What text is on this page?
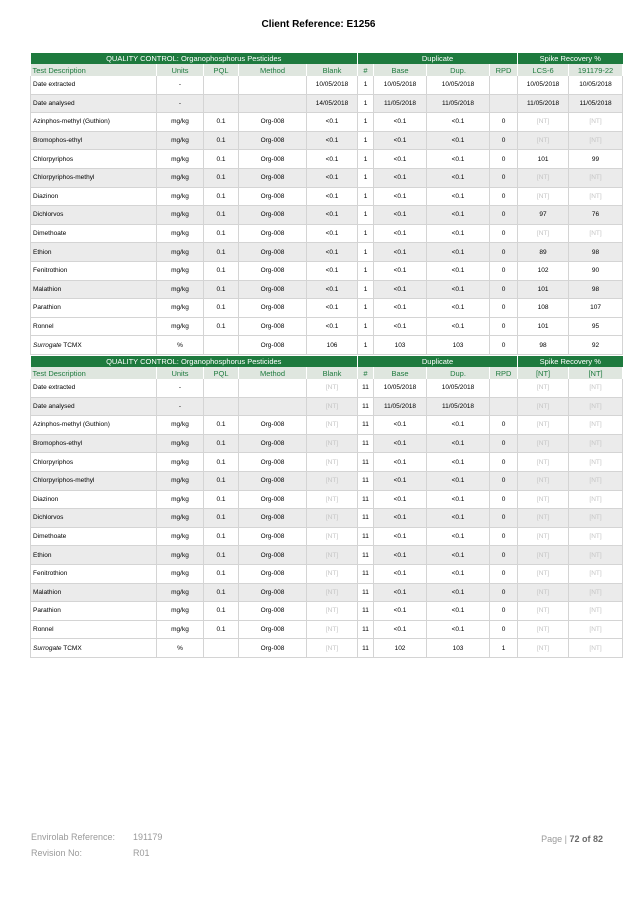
Client Reference: E1256
QUALITY CONTROL: Organophosphorus Pesticides					Duplicate				Spike Recovery %	
Test Description	Units	PQL	Method	Blank	#	Base	Dup.	RPD	LCS-6	191179-22
Date extracted	-			10/05/2018	1	10/05/2018	10/05/2018		10/05/2018	10/05/2018
Date analysed	-			14/05/2018	1	11/05/2018	11/05/2018		11/05/2018	11/05/2018
Azinphos-methyl (Guthion)	mg/kg	0.1	Org-008	<0.1	1	<0.1	<0.1	0	[NT]	[NT]
Bromophos-ethyl	mg/kg	0.1	Org-008	<0.1	1	<0.1	<0.1	0	[NT]	[NT]
Chlorpyriphos	mg/kg	0.1	Org-008	<0.1	1	<0.1	<0.1	0	101	99
Chlorpyriphos-methyl	mg/kg	0.1	Org-008	<0.1	1	<0.1	<0.1	0	[NT]	[NT]
Diazinon	mg/kg	0.1	Org-008	<0.1	1	<0.1	<0.1	0	[NT]	[NT]
Dichlorvos	mg/kg	0.1	Org-008	<0.1	1	<0.1	<0.1	0	97	76
Dimethoate	mg/kg	0.1	Org-008	<0.1	1	<0.1	<0.1	0	[NT]	[NT]
Ethion	mg/kg	0.1	Org-008	<0.1	1	<0.1	<0.1	0	89	98
Fenitrothion	mg/kg	0.1	Org-008	<0.1	1	<0.1	<0.1	0	102	90
Malathion	mg/kg	0.1	Org-008	<0.1	1	<0.1	<0.1	0	101	98
Parathion	mg/kg	0.1	Org-008	<0.1	1	<0.1	<0.1	0	108	107
Ronnel	mg/kg	0.1	Org-008	<0.1	1	<0.1	<0.1	0	101	95
Surrogate TCMX	%		Org-008	106	1	103	103	0	98	92
QUALITY CONTROL: Organophosphorus Pesticides					Duplicate				Spike Recovery %	
Test Description	Units	PQL	Method	Blank	#	Base	Dup.	RPD	[NT]	[NT]
Date extracted	-			[NT]	11	10/05/2018	10/05/2018		[NT]	[NT]
Date analysed	-			[NT]	11	11/05/2018	11/05/2018		[NT]	[NT]
Azinphos-methyl (Guthion)	mg/kg	0.1	Org-008	[NT]	11	<0.1	<0.1	0	[NT]	[NT]
Bromophos-ethyl	mg/kg	0.1	Org-008	[NT]	11	<0.1	<0.1	0	[NT]	[NT]
Chlorpyriphos	mg/kg	0.1	Org-008	[NT]	11	<0.1	<0.1	0	[NT]	[NT]
Chlorpyriphos-methyl	mg/kg	0.1	Org-008	[NT]	11	<0.1	<0.1	0	[NT]	[NT]
Diazinon	mg/kg	0.1	Org-008	[NT]	11	<0.1	<0.1	0	[NT]	[NT]
Dichlorvos	mg/kg	0.1	Org-008	[NT]	11	<0.1	<0.1	0	[NT]	[NT]
Dimethoate	mg/kg	0.1	Org-008	[NT]	11	<0.1	<0.1	0	[NT]	[NT]
Ethion	mg/kg	0.1	Org-008	[NT]	11	<0.1	<0.1	0	[NT]	[NT]
Fenitrothion	mg/kg	0.1	Org-008	[NT]	11	<0.1	<0.1	0	[NT]	[NT]
Malathion	mg/kg	0.1	Org-008	[NT]	11	<0.1	<0.1	0	[NT]	[NT]
Parathion	mg/kg	0.1	Org-008	[NT]	11	<0.1	<0.1	0	[NT]	[NT]
Ronnel	mg/kg	0.1	Org-008	[NT]	11	<0.1	<0.1	0	[NT]	[NT]
Surrogate TCMX	%		Org-008	[NT]	11	102	103	1	[NT]	[NT]
Envirolab Reference: 191179
Revision No:	R01
Page | 72 of 82
